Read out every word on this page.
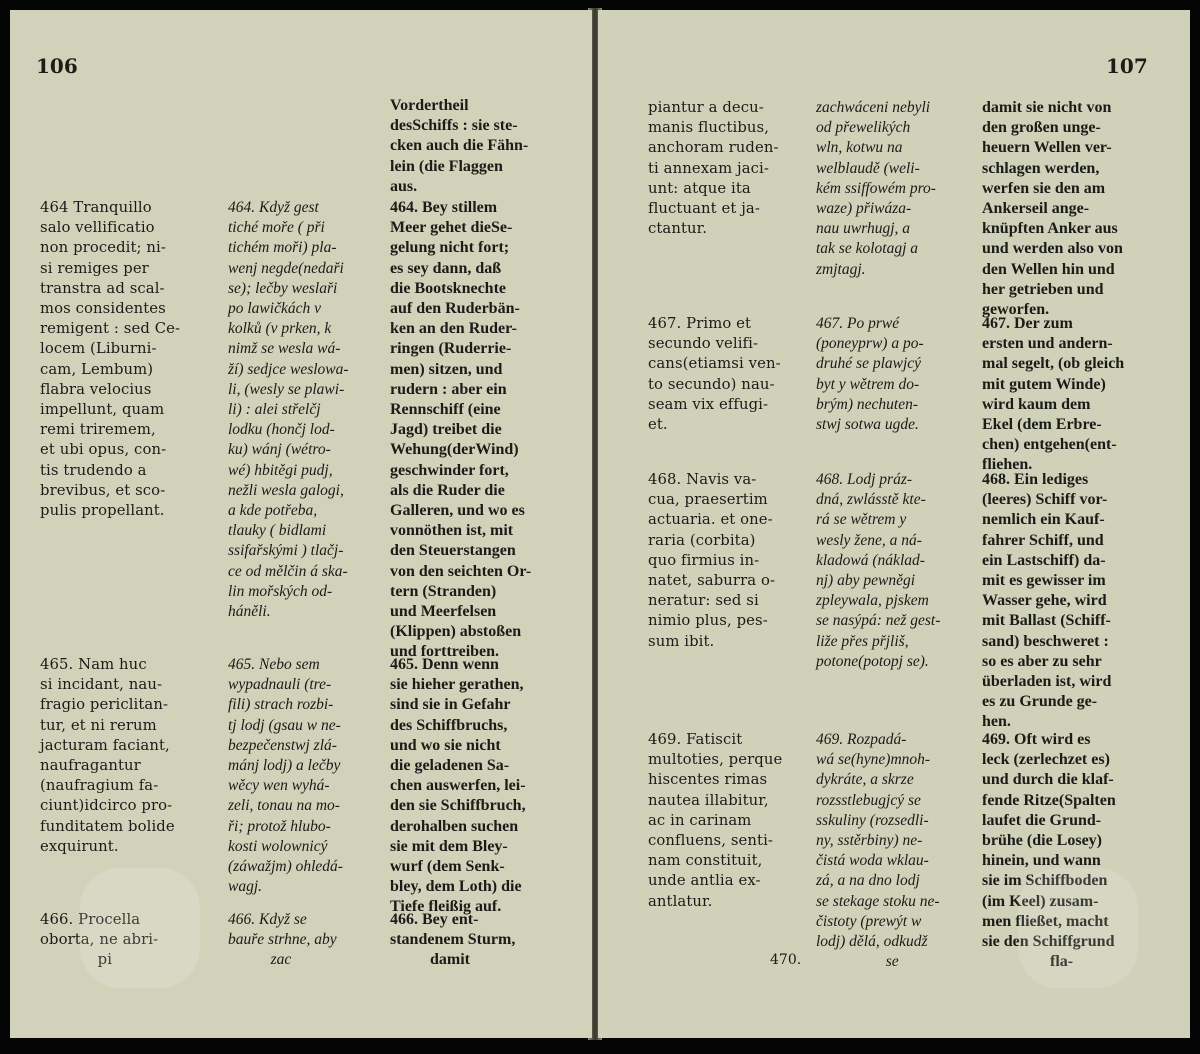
106
464 Tranquillo
salo vellificatio
non procedit; ni-
si remiges per
transtra ad scal-
mos considentes
remigent : sed Ce-
locem (Liburni-
cam, Lembum)
flabra velocius
impellunt, quam
remi triremem,
et ubi opus, con-
tis trudendo a
brevibus, et sco-
pulis propellant.
465. Nam huc
si incidant, nau-
fragio periclitan-
tur, et ni rerum
jacturam faciant,
naufragantur
(naufragium fa-
ciunt)idcirco pro-
funditatem bolide
exquirunt.
466. Procella
oborta, ne abri-
pi
464. Když gest
tiché moře ( při
tichém moři) pla-
wenj negde(nedaři
se); lečby weslaři
po lawičkách v
kolků (v prken, k
nimž se wesla wá-
ží) sedjce weslowa-
li, (wesly se plawi-
li) : alei střelčj
lodku (hončj lod-
ku) wánj (wétro-
wé) hbitěgi pudj,
nežli wesla galogi,
a kde potřeba,
tlauky ( bidlami
ssifařskými ) tlačj-
ce od mělčin á ska-
lin mořských od-
háněli.
465. Nebo sem
wypadnauli (tre-
fili) strach rozbi-
tj lodj (gsau w ne-
bezpečenstwj zlá-
mánj lodj) a lečby
wěcy wen wyhá-
zeli, tonau na mo-
ři; protož hlubo-
kosti wolownicý
(záwažjm) ohledá-
wagj.
466. Když se
bauře strhne, aby
zac
Vordertheil
desSchiffs : sie ste-
cken auch die Fähn-
lein (die Flaggen
aus.
464. Bey stillem
Meer gehet dieSe-
gelung nicht fort;
es sey dann, daß
die Bootsknechte
auf den Ruderbän-
ken an den Ruder-
ringen (Ruderrie-
men) sitzen, und
rudern : aber ein
Rennschiff (eine
Jagd) treibet die
Wehung(derWind)
geschwinder fort,
als die Ruder die
Galleren, und wo es
vonnöthen ist, mit
den Steuerstangen
von den seichten Or-
tern (Stranden)
und Meerfelsen
(Klippen) abstoßen
und forttreiben.
465. Denn wenn
sie hieher gerathen,
sind sie in Gefahr
des Schiffbruchs,
und wo sie nicht
die geladenen Sa-
chen auswerfen, lei-
den sie Schiffbruch,
derohalben suchen
sie mit dem Bley-
wurf (dem Senk-
bley, dem Loth) die
Tiefe fleißig auf.
466. Bey ent-
standenem Sturm,
damit
107
piantur a decu-
manis fluctibus,
anchoram ruden-
ti annexam jaci-
unt: atque ita
fluctuant et ja-
ctantur.
467. Primo et
secundo velifi-
cans(etiamsi ven-
to secundo) nau-
seam vix effugi-
et.
468. Navis va-
cua, praesertim
actuaria. et one-
raria (corbita)
quo firmius in-
natet, saburra o-
neratur: sed si
nimio plus, pes-
sum ibit.
469. Fatiscit
multoties, perque
hiscentes rimas
nautea illabitur,
ac in carinam
confluens, senti-
nam constituit,
unde antlia ex-
antlatur.
zachwáceni nebyli
od přewelikých
wln, kotwu na
welblaudě (weli-
kém ssiffowém pro-
waze) přiwáza-
nau uwrhugj, a
tak se kolotagj a
zmjtagj.
467. Po prwé
(poneyprw) a po-
druhé se plawjcý
byt y wětrem do-
brým) nechuten-
stwj sotwa ugde.
468. Lodj práz-
dná, zwlásstě kte-
rá se wětrem y
wesly žene, a ná-
kladowá (náklad-
nj) aby pewněgi
zpleywala, pjskem
se nasýpá: než gest-
liže přes přjliš,
potone(potopj se).
469. Rozpadá-
wá se(hyne)mnoh-
dykráte, a skrze
rozsstlebugjcý se
sskuliny (rozsedli-
ny, sstěrbiny) ne-
čistá woda wklau-
zá, a na dno lodj
se stekage stoku ne-
čistoty (prewýt w
lodj) dělá, odkudž
se
damit sie nicht von
den großen unge-
heuern Wellen ver-
schlagen werden,
werfen sie den am
Ankerseil ange-
knüpften Anker aus
und werden also von
den Wellen hin und
her getrieben und
geworfen.
467. Der zum
ersten und andern-
mal segelt, (ob gleich
mit gutem Winde)
wird kaum dem
Ekel (dem Erbre-
chen) entgehen(ent-
fliehen.
468. Ein lediges
(leeres) Schiff vor-
nemlich ein Kauf-
fahrer Schiff, und
ein Lastschiff) da-
mit es gewisser im
Wasser gehe, wird
mit Ballast (Schiff-
sand) beschweret :
so es aber zu sehr
überladen ist, wird
es zu Grunde ge-
hen.
469. Oft wird es
leck (zerlechzet es)
und durch die klaf-
fende Ritze(Spalten
laufet die Grund-
brühe (die Losey)
hinein, und wann
sie im Schiffboden
(im Keel) zusam-
men fließet, macht
sie den Schiffgrund
fla-
470.
